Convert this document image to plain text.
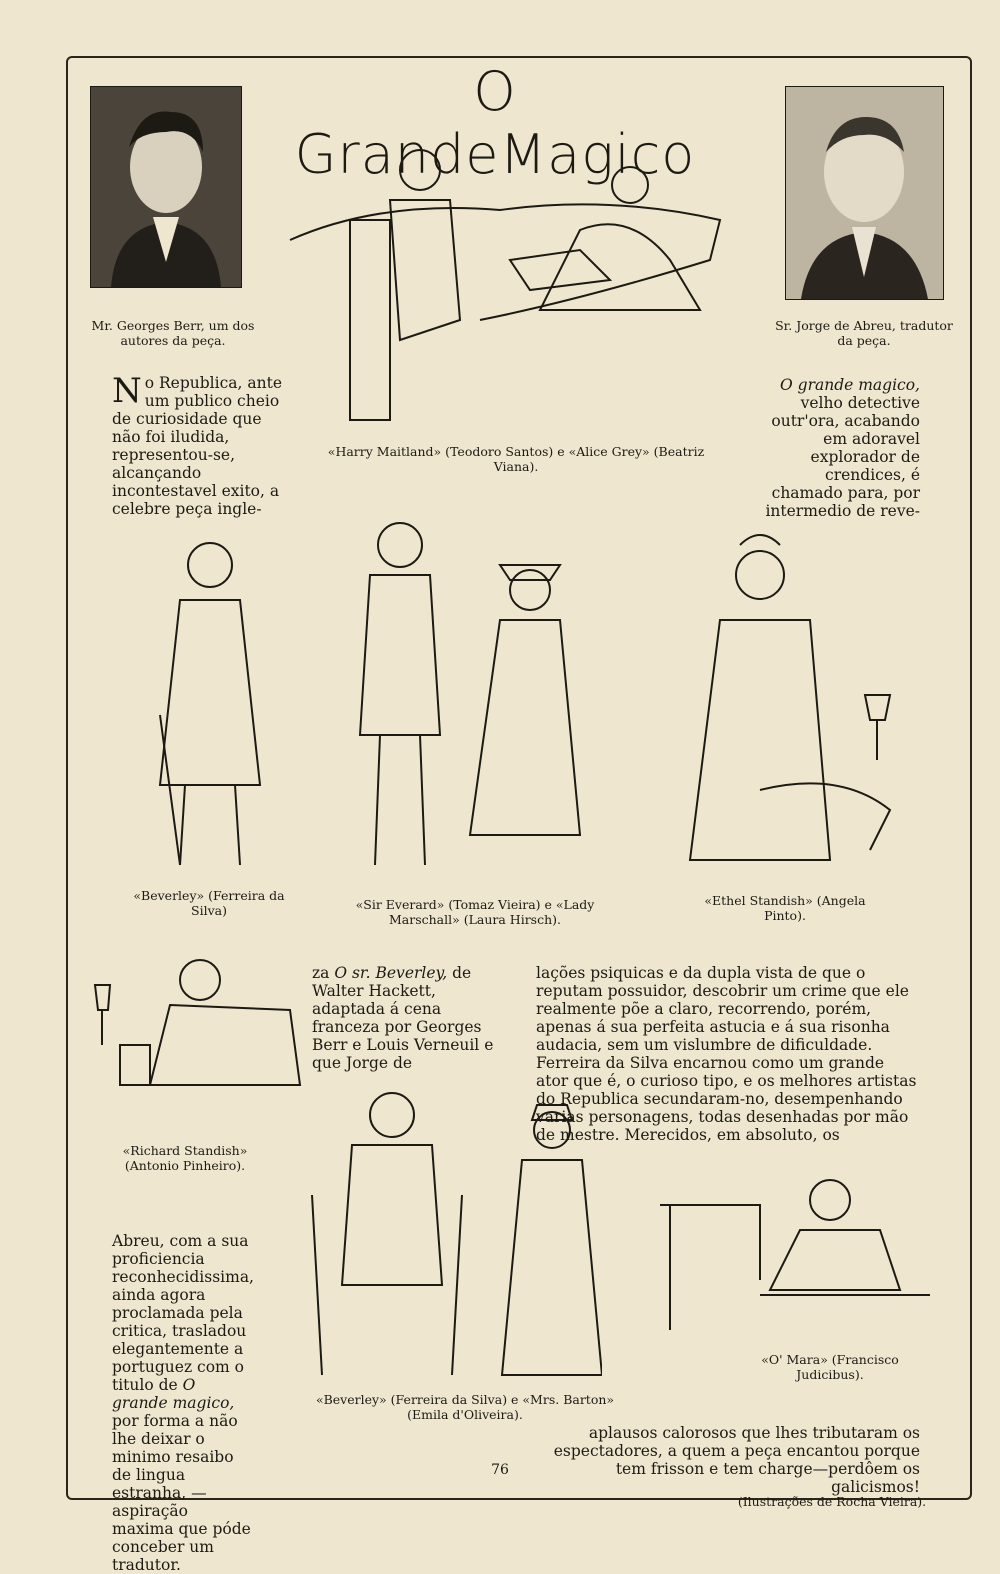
O GrandeMagico
Mr. Georges Berr, um dos autores da peça.
Sr. Jorge de Abreu, tradutor da peça.
«Harry Maitland» (Teodoro Santos) e «Alice Grey» (Beatriz Viana).
«Beverley» (Ferreira da Silva)	«Sir Everard» (Tomaz Vieira) e «Lady Marschall» (Laura Hirsch).
«Ethel Standish» (Angela Pinto).
«Richard Standish» (Antonio Pinheiro).
«Beverley» (Ferreira da Silva) e «Mrs. Barton» (Emila d'Oliveira).
«O' Mara» (Francisco Judicibus).
No Republica, ante um publico cheio de curiosidade que não foi iludida, representou-se, alcançando incontestavel exito, a celebre peça ingle-
O grande magico, velho detective outr'ora, acabando em adoravel explorador de crendices, é chamado para, por intermedio de reve-
za O sr. Beverley, de Walter Hackett, adaptada á cena franceza por Georges Berr e Louis Verneuil e que Jorge de
lações psiquicas e da dupla vista de que o reputam possuidor, descobrir um crime que ele realmente põe a claro, recorrendo, porém, apenas á sua perfeita astucia e á sua risonha audacia, sem um vislumbre de dificuldade. Ferreira da Silva encarnou como um grande ator que é, o curioso tipo, e os melhores artistas do Republica secundaram-no, desempenhando varias personagens, todas desenhadas por mão de mestre. Merecidos, em absoluto, os
Abreu, com a sua proficiencia reconhecidissima, ainda agora proclamada pela critica, trasladou elegantemente a portuguez com o titulo de O grande magico, por forma a não lhe deixar o minimo resaibo de lingua estranha, — aspiração maxima que póde conceber um tradutor.
aplausos calorosos que lhes tributaram os espectadores, a quem a peça encantou porque tem frisson e tem charge—perdôem os galicismos!
(Ilustrações de Rocha Vieira).
76
